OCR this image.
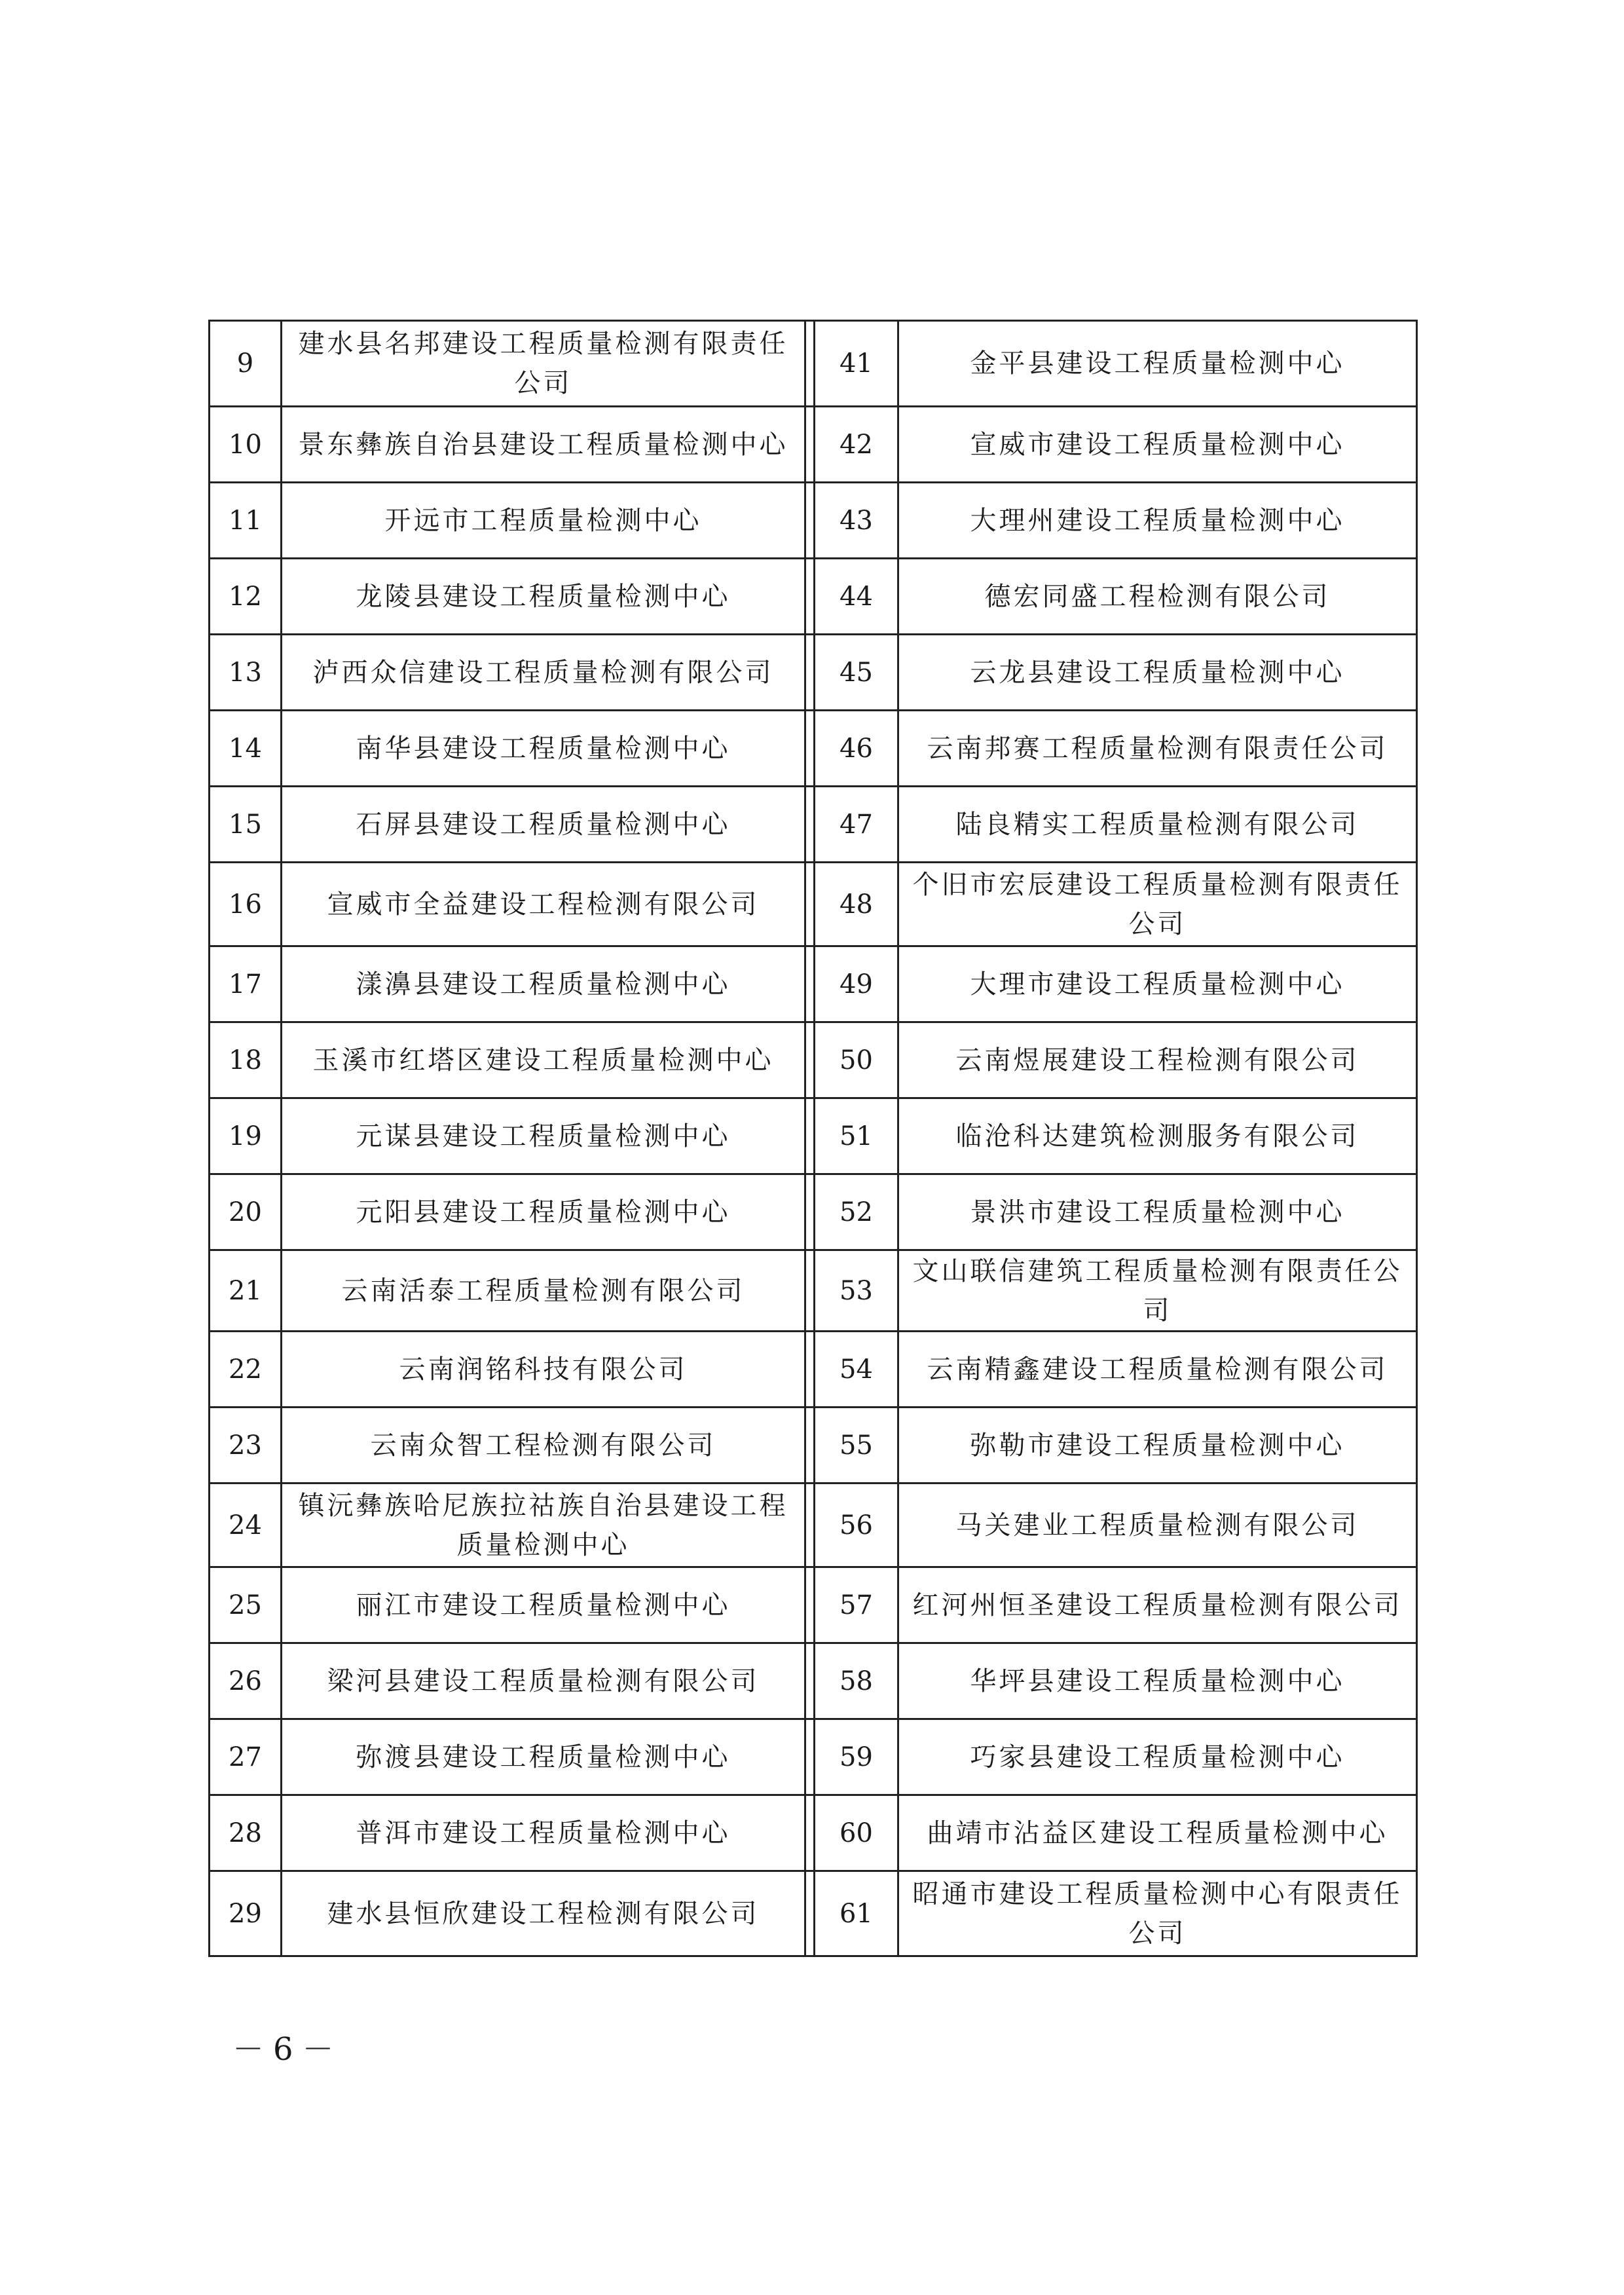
9	建水县名邦建设工程质量检测有限责任公司		41	金平县建设工程质量检测中心
10	景东彝族自治县建设工程质量检测中心		42	宣威市建设工程质量检测中心
11	开远市工程质量检测中心		43	大理州建设工程质量检测中心
12	龙陵县建设工程质量检测中心		44	德宏同盛工程检测有限公司
13	泸西众信建设工程质量检测有限公司		45	云龙县建设工程质量检测中心
14	南华县建设工程质量检测中心		46	云南邦赛工程质量检测有限责任公司
15	石屏县建设工程质量检测中心		47	陆良精实工程质量检测有限公司
16	宣威市全益建设工程检测有限公司		48	个旧市宏辰建设工程质量检测有限责任公司
17	漾濞县建设工程质量检测中心		49	大理市建设工程质量检测中心
18	玉溪市红塔区建设工程质量检测中心		50	云南煜展建设工程检测有限公司
19	元谋县建设工程质量检测中心		51	临沧科达建筑检测服务有限公司
20	元阳县建设工程质量检测中心		52	景洪市建设工程质量检测中心
21	云南活泰工程质量检测有限公司		53	文山联信建筑工程质量检测有限责任公司
22	云南润铭科技有限公司		54	云南精鑫建设工程质量检测有限公司
23	云南众智工程检测有限公司		55	弥勒市建设工程质量检测中心
24	镇沅彝族哈尼族拉祜族自治县建设工程质量检测中心		56	马关建业工程质量检测有限公司
25	丽江市建设工程质量检测中心		57	红河州恒圣建设工程质量检测有限公司
26	梁河县建设工程质量检测有限公司		58	华坪县建设工程质量检测中心
27	弥渡县建设工程质量检测中心		59	巧家县建设工程质量检测中心
28	普洱市建设工程质量检测中心		60	曲靖市沾益区建设工程质量检测中心
29	建水县恒欣建设工程检测有限公司		61	昭通市建设工程质量检测中心有限责任公司
－6－
